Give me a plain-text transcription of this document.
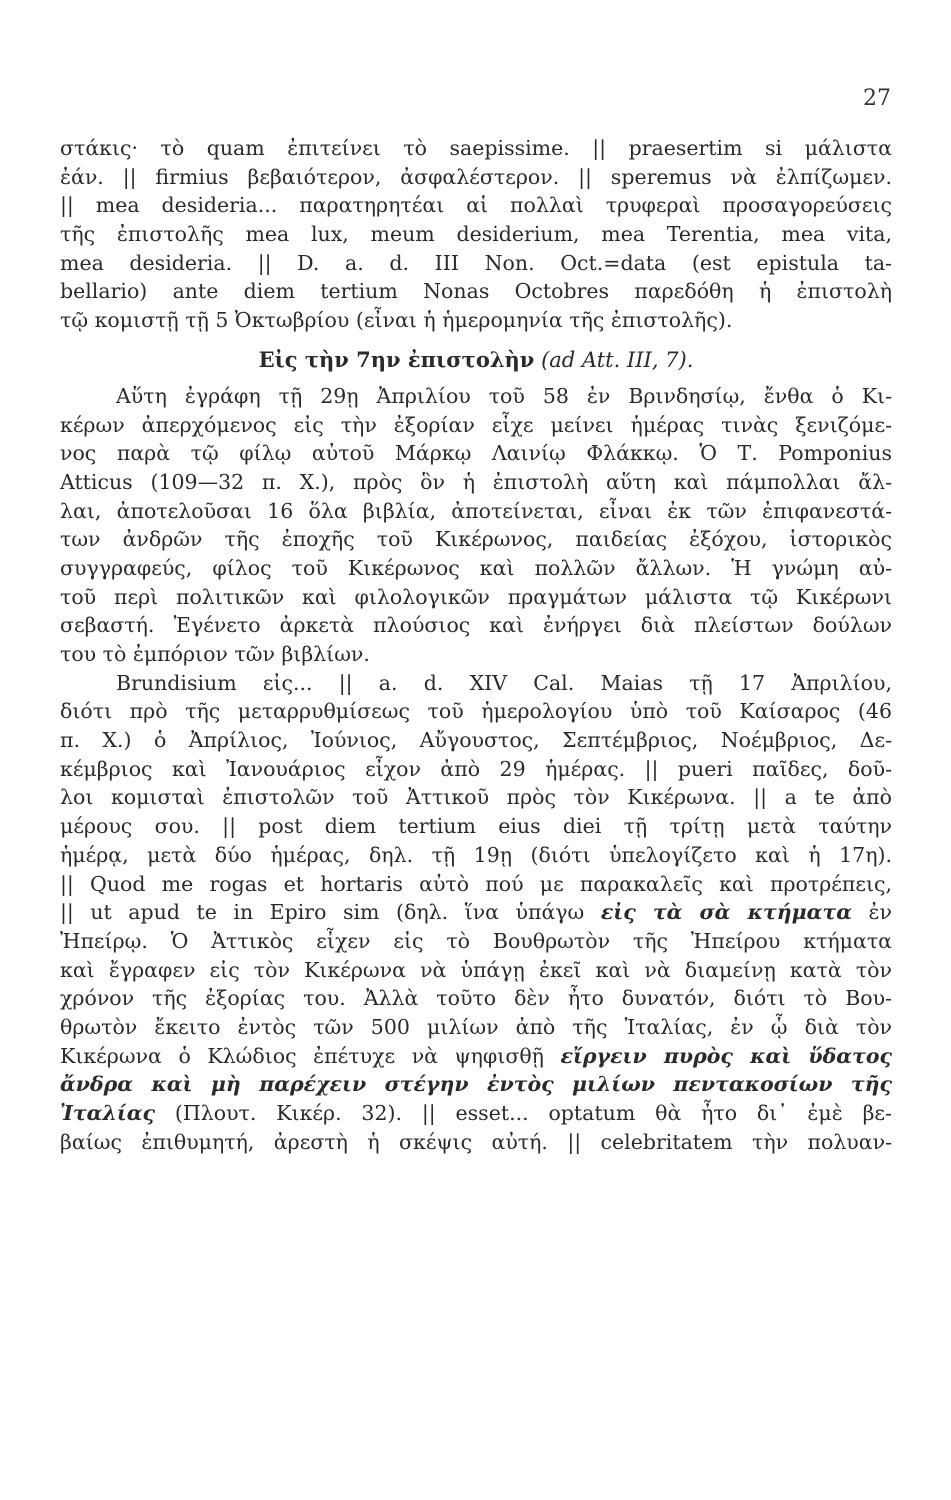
27
στάκις· τὸ quam ἐπιτείνει τὸ saepissime. || praesertim si μάλιστα
ἐάν. || firmius βεβαιότερον, ἀσφαλέστερον. || speremus νὰ ἐλπίζωμεν.
|| mea desideria... παρατηρητέαι αἱ πολλαὶ τρυφεραὶ προσαγορεύσεις
τῆς ἐπιστολῆς mea lux, meum desiderium, mea Terentia, mea vita,
mea desideria. || D. a. d. III Non. Oct.=data (est epistula ta-
bellario) ante diem tertium Nonas Octobres παρεδόθη ἡ ἐπιστολὴ
τῷ κομιστῇ τῇ 5 Ὀκτωβρίου (εἶναι ἡ ἡμερομηνία τῆς ἐπιστολῆς).
Εἰς τὴν 7ην ἐπιστολὴν (ad Att. III, 7).
Αὕτη ἐγράφη τῇ 29ῃ Ἀπριλίου τοῦ 58 ἐν Βρινδησίῳ, ἔνθα ὁ Κι-
κέρων ἀπερχόμενος εἰς τὴν ἐξορίαν εἶχε μείνει ἡμέρας τινὰς ξενιζόμε-
νος παρὰ τῷ φίλῳ αὐτοῦ Μάρκῳ Λαινίῳ Φλάκκῳ. Ὁ Τ. Pomponius
Atticus (109—32 π. Χ.), πρὸς ὃν ἡ ἐπιστολὴ αὕτη καὶ πάμπολλαι ἄλ-
λαι, ἀποτελοῦσαι 16 ὅλα βιβλία, ἀποτείνεται, εἶναι ἐκ τῶν ἐπιφανεστά-
των ἀνδρῶν τῆς ἐποχῆς τοῦ Κικέρωνος, παιδείας ἐξόχου, ἱστορικὸς
συγγραφεύς, φίλος τοῦ Κικέρωνος καὶ πολλῶν ἄλλων. Ἡ γνώμη αὐ-
τοῦ περὶ πολιτικῶν καὶ φιλολογικῶν πραγμάτων μάλιστα τῷ Κικέρωνι
σεβαστή. Ἐγένετο ἀρκετὰ πλούσιος καὶ ἐνήργει διὰ πλείστων δούλων
του τὸ ἐμπόριον τῶν βιβλίων.
Brundisium εἰς... || a. d. XIV Cal. Maias τῇ 17 Ἀπριλίου,
διότι πρὸ τῆς μεταρρυθμίσεως τοῦ ἡμερολογίου ὑπὸ τοῦ Καίσαρος (46
π. Χ.) ὁ Ἀπρίλιος, Ἰούνιος, Αὔγουστος, Σεπτέμβριος, Νοέμβριος, Δε-
κέμβριος καὶ Ἰανουάριος εἶχον ἀπὸ 29 ἡμέρας. || pueri παῖδες, δοῦ-
λοι κομισταὶ ἐπιστολῶν τοῦ Ἀττικοῦ πρὸς τὸν Κικέρωνα. || a te ἀπὸ
μέρους σου. || post diem tertium eius diei τῇ τρίτῃ μετὰ ταύτην
ἡμέρᾳ, μετὰ δύο ἡμέρας, δηλ. τῇ 19ῃ (διότι ὑπελογίζετο καὶ ἡ 17η).
|| Quod me rogas et hortaris αὐτὸ πού με παρακαλεῖς καὶ προτρέπεις,
|| ut apud te in Epiro sim (δηλ. ἵνα ὑπάγω εἰς τὰ σὰ κτήματα ἐν
Ἠπείρῳ. Ὁ Ἀττικὸς εἶχεν εἰς τὸ Βουθρωτὸν τῆς Ἠπείρου κτήματα
καὶ ἔγραφεν εἰς τὸν Κικέρωνα νὰ ὑπάγῃ ἐκεῖ καὶ νὰ διαμείνῃ κατὰ τὸν
χρόνον τῆς ἐξορίας του. Ἀλλὰ τοῦτο δὲν ἦτο δυνατόν, διότι τὸ Βου-
θρωτὸν ἔκειτο ἐντὸς τῶν 500 μιλίων ἀπὸ τῆς Ἰταλίας, ἐν ᾧ διὰ τὸν
Κικέρωνα ὁ Κλώδιος ἐπέτυχε νὰ ψηφισθῇ εἴργειν πυρὸς καὶ ὕδατος
ἄνδρα καὶ μὴ παρέχειν στέγην ἐντὸς μιλίων πεντακοσίων τῆς
Ἰταλίας (Πλουτ. Κικέρ. 32). || esset... optatum θὰ ἦτο δι᾿ ἐμὲ βε-
βαίως ἐπιθυμητή, ἀρεστὴ ἡ σκέψις αὐτή. || celebritatem τὴν πολυαν-
